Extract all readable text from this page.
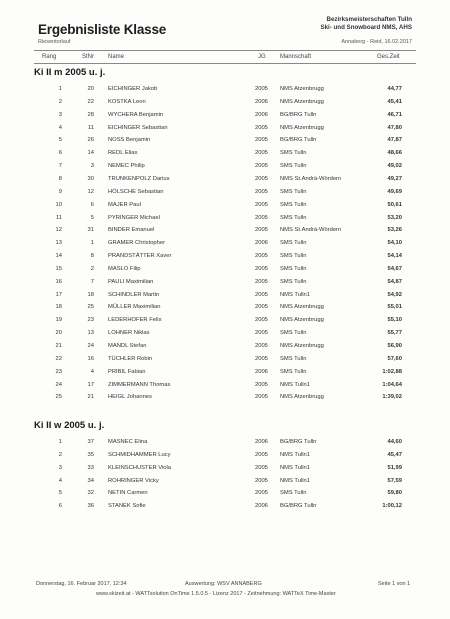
Ergebnisliste Klasse
Riesentorlauf
Bezirksmeisterschaften Tulln
Ski- und Snowboard NMS, AHS
Annaberg - Reid, 16.02.2017
Rang	StNr Name	JG Mannschaft	Ges.Zeit
Ki II m 2005 u. j.
1	20 EICHINGER Jakob	2005 NMS Atzenbrugg	44,77
2	22 KOSTKA Leon	2006 NMS Atzenbrugg	45,41
3	28 WYCHERA Benjamin	2006 BG/BRG Tulln	46,71
4	11 EICHINGER Sebastian	2005 NMS Atzenbrugg	47,80
5	26 NOSS Benjamin	2005 BG/BRG Tulln	47,87
6	14 REDL Elias	2005 SMS Tulln	48,66
7	3 NEMEC Philip	2005 SMS Tulln	49,02
8	30 TRUNKENPOLZ Darius	2005 NMS St.Andrä-Wördern	49,27
9	12 HÖLSCHE Sebastian	2005 SMS Tulln	49,69
10	6 MAJER Paul	2005 SMS Tulln	50,61
11	5 PYRINGER Michael	2005 SMS Tulln	53,20
12	31 BINDER Emanuel	2005 NMS St.Andrä-Wördern	53,26
13	1 GRAMER Christopher	2006 SMS Tulln	54,10
14	8 PRANDSTÄTTER Xaver	2005 SMS Tulln	54,14
15	2 MASLO Filip	2005 SMS Tulln	54,67
16	7 PAULI Maximilian	2005 SMS Tulln	54,87
17	18 SCHINDLER Martin	2005 NMS Tulln1	54,92
18	25 MÜLLER Maximilian	2005 NMS Atzenbrugg	55,01
19	23 LEDERHOFER Felix	2005 NMS Atzenbrugg	55,10
20	13 LOHNER Niklas	2005 SMS Tulln	55,77
21	24 MANDL Stefan	2005 NMS Atzenbrugg	56,90
22	16 TÜCHLER Robin	2005 SMS Tulln	57,60
23	4 PRIBIL Fabian	2006 SMS Tulln	1:02,88
24	17 ZIMMERMANN Thomas	2005 NMS Tulln1	1:04,64
25	21 HEIGL Johannes	2005 NMS Atzenbrugg	1:39,02
Ki II w 2005 u. j.
1	37 MASNEC Elina	2006 BG/BRG Tulln	44,60
2	35 SCHMIDHAMMER Lucy	2005 NMS Tulln1	45,47
3	33 KLEINSCHUSTER Viola	2005 NMS Tulln1	51,99
4	34 ROHRINGER Vicky	2005 NMS Tulln1	57,59
5	32 NETIN Carmen	2005 SMS Tulln	59,80
6	36 STANEK Sofie	2006 BG/BRG Tulln	1:00,12
Donnerstag, 16. Februar 2017, 12:34	Auswertung: WSV ANNABERG	Seite 1 von 1
www.skizeit.at - WATTsolution OnTime 1.5.0.5 - Lizenz 2017 - Zeitnehmung: WATTeX Time-Master
